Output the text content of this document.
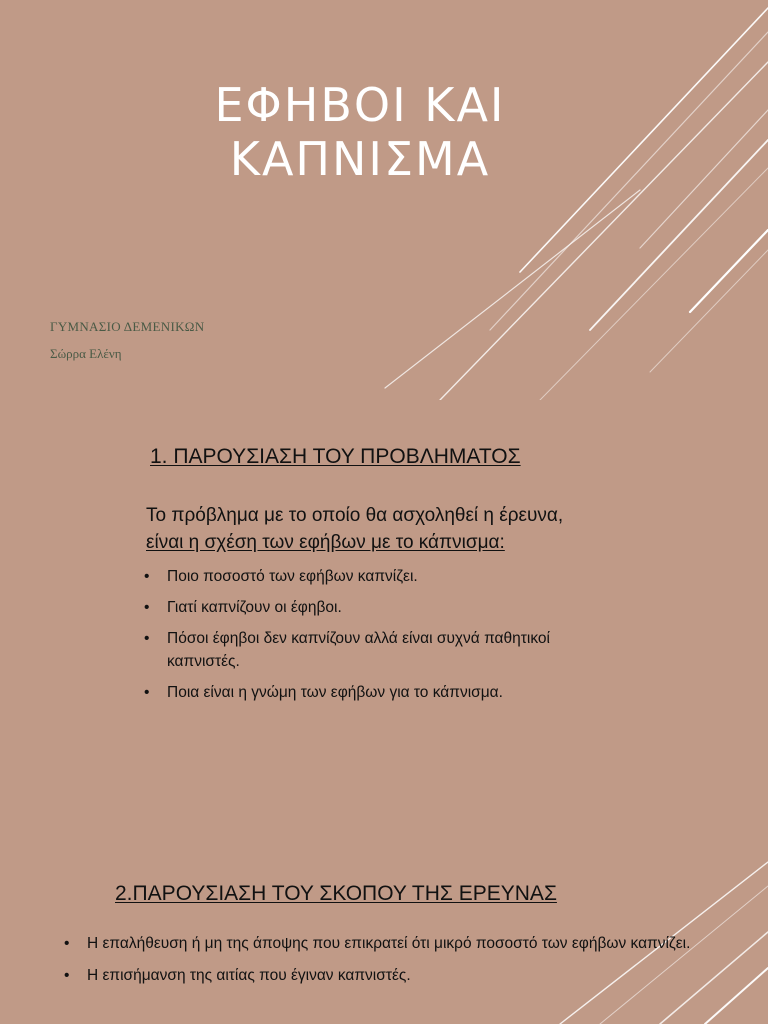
ΕΦΗΒΟΙ ΚΑΙ
ΚΑΠΝΙΣΜΑ
ΓΥΜΝΑΣΙΟ ΔΕΜΕΝΙΚΩΝ
Σώρρα Ελένη
1. ΠΑΡΟΥΣΙΑΣΗ ΤΟΥ ΠΡΟΒΛΗΜΑΤΟΣ
Το πρόβλημα με το οποίο θα ασχοληθεί η έρευνα,
είναι η σχέση των εφήβων με το κάπνισμα:
• Ποιο ποσοστό των εφήβων καπνίζει.
• Γιατί καπνίζουν οι έφηβοι.
• Πόσοι έφηβοι δεν καπνίζουν αλλά είναι συχνά παθητικοί καπνιστές.
• Ποια είναι η γνώμη των εφήβων για το κάπνισμα.
2.ΠΑΡΟΥΣΙΑΣΗ ΤΟΥ ΣΚΟΠΟΥ ΤΗΣ ΕΡΕΥΝΑΣ
• Η επαλήθευση ή μη της άποψης που επικρατεί ότι μικρό ποσοστό των εφήβων καπνίζει.
• Η επισήμανση της αιτίας που έγιναν καπνιστές.
